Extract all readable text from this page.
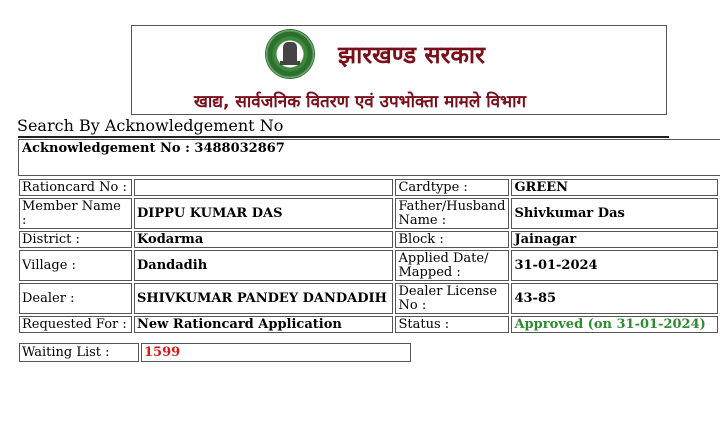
झारखण्ड सरकार
खाद्य, सार्वजनिक वितरण एवं उपभोक्ता मामले विभाग
Search By Acknowledgement No
Acknowledgement No : 3488032867
Rationcard No :		Cardtype :	GREEN
Member Name :	DIPPU KUMAR DAS	Father/Husband Name :	Shivkumar Das
District :	Kodarma	Block :	Jainagar
Village :	Dandadih	Applied Date/ Mapped :	31-01-2024
Dealer :	SHIVKUMAR PANDEY DANDADIH	Dealer License No :	43-85
Requested For :	New Rationcard Application	Status :	Approved (on 31-01-2024)
Waiting List :	1599
